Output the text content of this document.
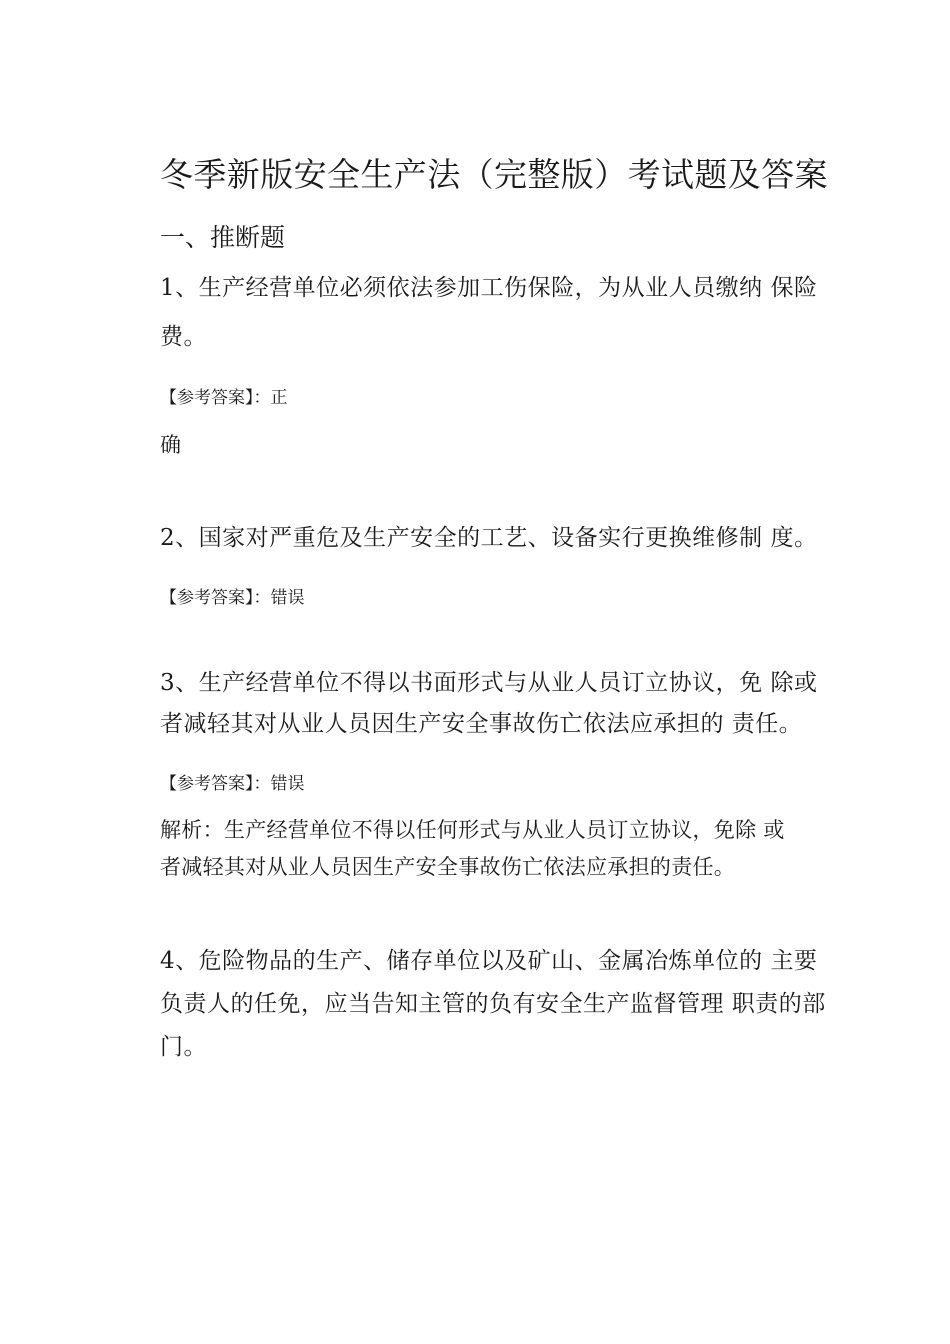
冬季新版安全生产法（完整版）考试题及答案
一、推断题
1、生产经营单位必须依法参加工伤保险，为从业人员缴纳 保险
费。
【参考答案】：正
确
2、国家对严重危及生产安全的工艺、设备实行更换维修制 度。
【参考答案】：错误
3、生产经营单位不得以书面形式与从业人员订立协议，免 除或
者减轻其对从业人员因生产安全事故伤亡依法应承担的 责任。
【参考答案】：错误
解析：生产经营单位不得以任何形式与从业人员订立协议，免除 或
者减轻其对从业人员因生产安全事故伤亡依法应承担的责任。
4、危险物品的生产、储存单位以及矿山、金属冶炼单位的 主要
负责人的任免，应当告知主管的负有安全生产监督管理 职责的部
门。
